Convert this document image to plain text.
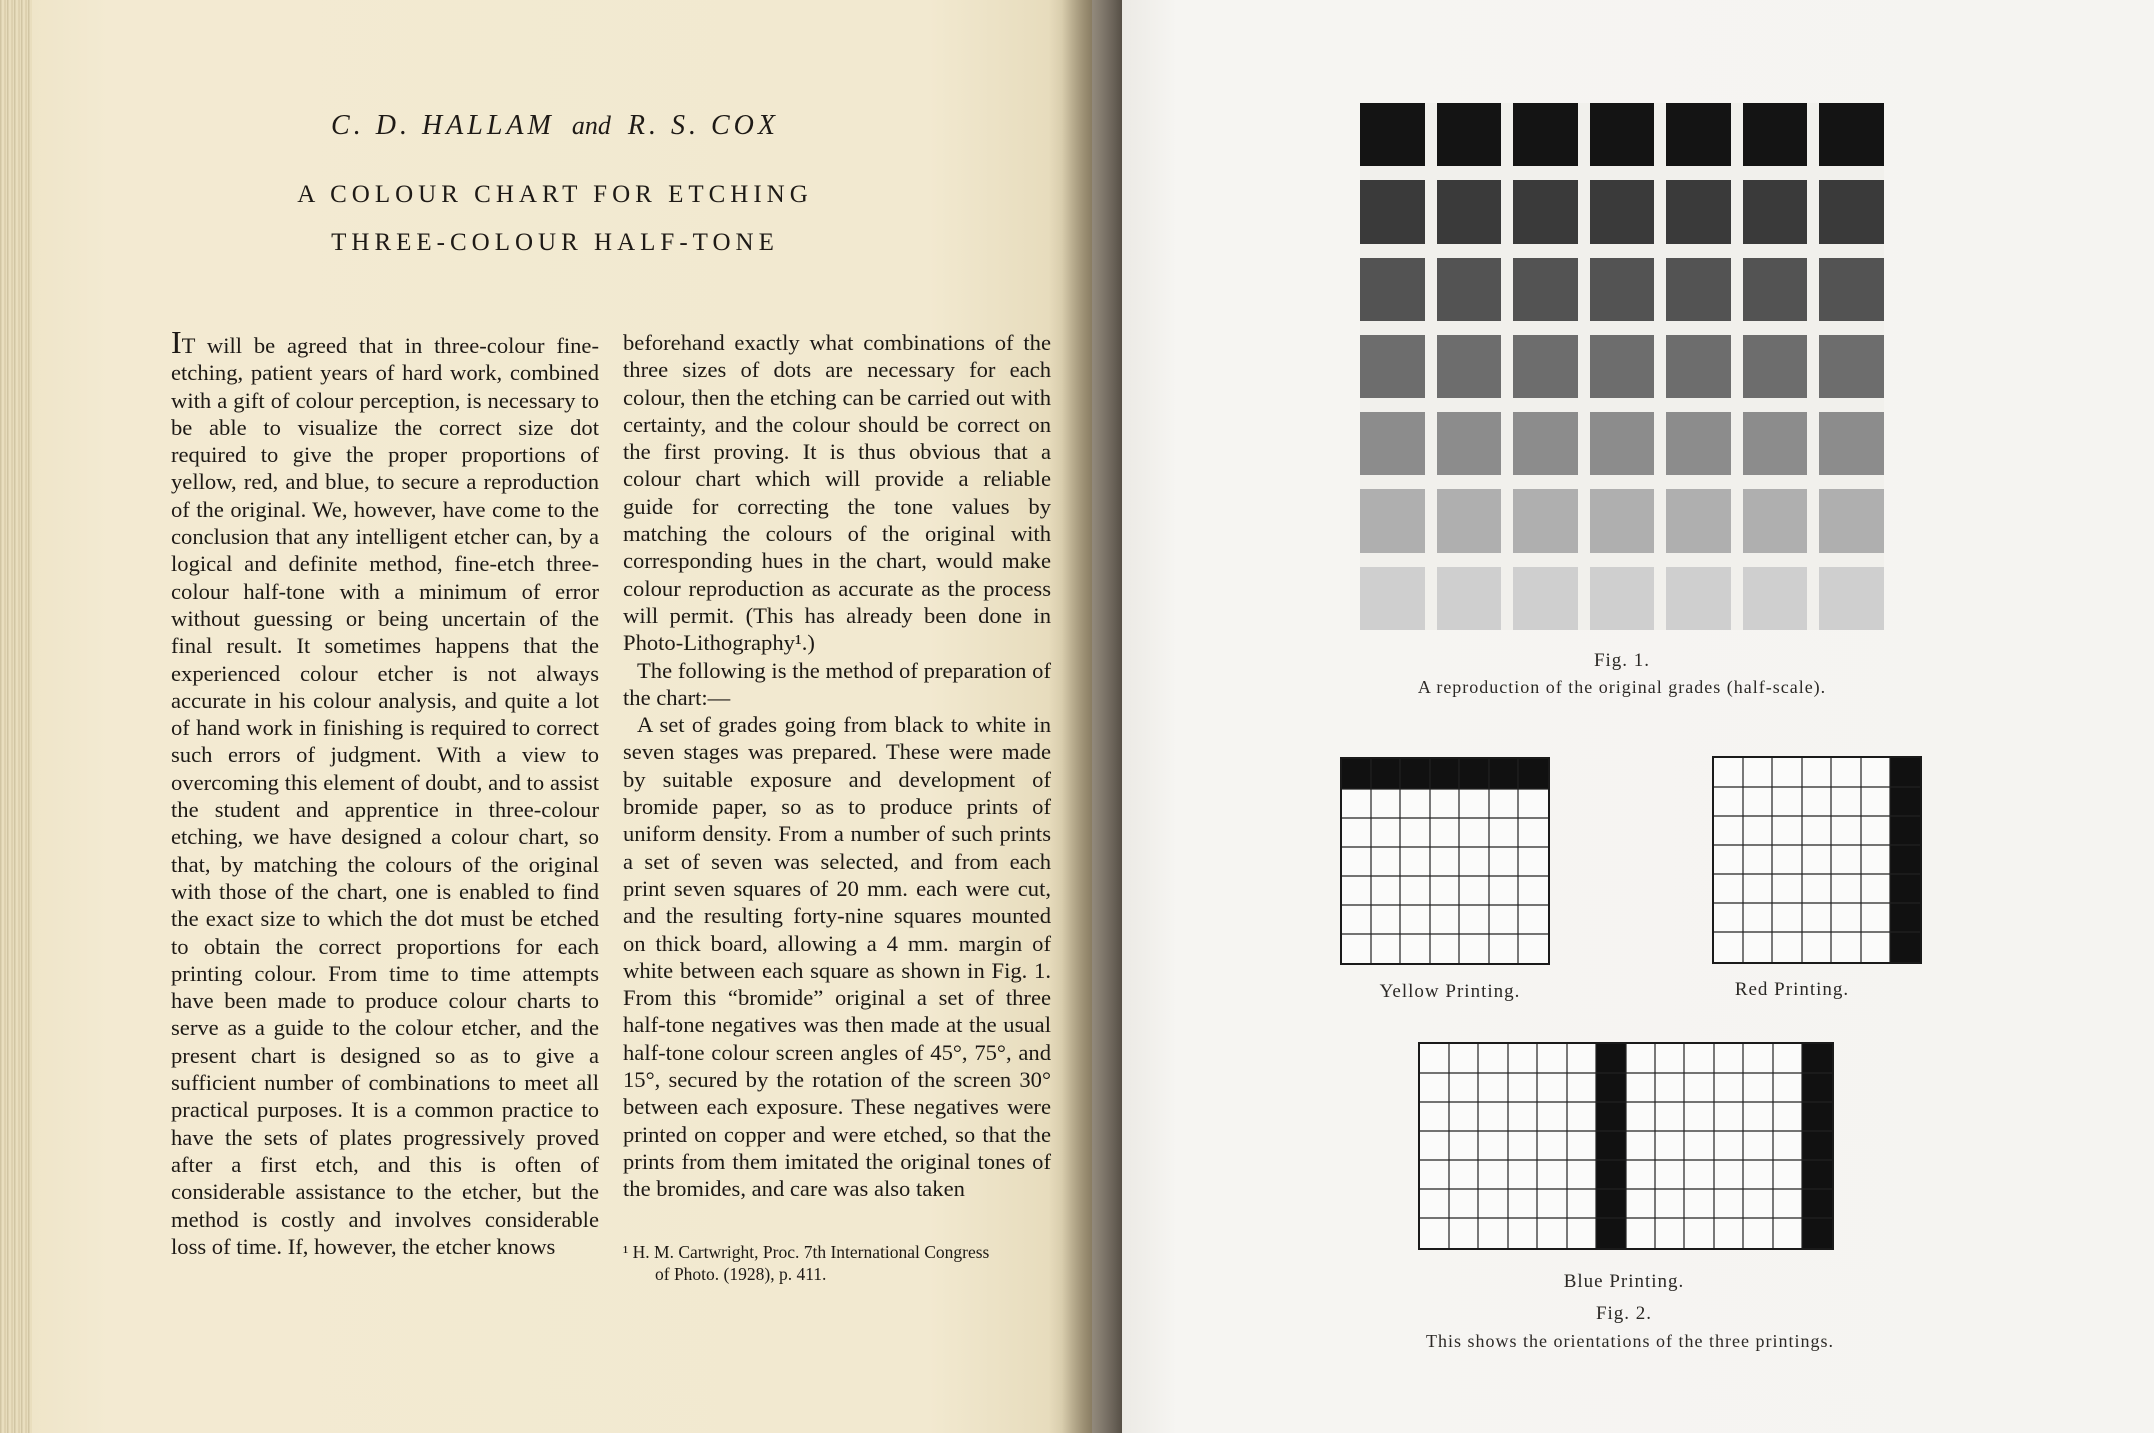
C. D. HALLAM and R. S. COX
A COLOUR CHART FOR ETCHING
THREE-COLOUR HALF-TONE

IT will be agreed that in three-colour fine-etching, patient years of hard work, combined with a gift of colour perception, is necessary to be able to visualize the correct size dot required to give the proper proportions of yellow, red, and blue, to secure a reproduction of the original. We, however, have come to the conclusion that any intelligent etcher can, by a logical and definite method, fine-etch three-colour half-tone with a minimum of error without guessing or being uncertain of the final result. It sometimes happens that the experienced colour etcher is not always accurate in his colour analysis, and quite a lot of hand work in finishing is required to correct such errors of judgment. With a view to overcoming this element of doubt, and to assist the student and apprentice in three-colour etching, we have designed a colour chart, so that, by matching the colours of the original with those of the chart, one is enabled to find the exact size to which the dot must be etched to obtain the correct proportions for each printing colour. From time to time attempts have been made to produce colour charts to serve as a guide to the colour etcher, and the present chart is designed so as to give a sufficient number of combinations to meet all practical purposes. It is a common practice to have the sets of plates progressively proved after a first etch, and this is often of considerable assistance to the etcher, but the method is costly and involves considerable loss of time. If, however, the etcher knows

beforehand exactly what combinations of the three sizes of dots are necessary for each colour, then the etching can be carried out with certainty, and the colour should be correct on the first proving. It is thus obvious that a colour chart which will provide a reliable guide for correcting the tone values by matching the colours of the original with corresponding hues in the chart, would make colour reproduction as accurate as the process will permit. (This has already been done in Photo-Lithography¹.)

The following is the method of preparation of the chart:—

A set of grades going from black to white in seven stages was prepared. These were made by suitable exposure and development of bromide paper, so as to produce prints of uniform density. From a number of such prints a set of seven was selected, and from each print seven squares of 20 mm. each were cut, and the resulting forty-nine squares mounted on thick board, allowing a 4 mm. margin of white between each square as shown in Fig. 1. From this “bromide” original a set of three half-tone negatives was then made at the usual half-tone colour screen angles of 45°, 75°, and 15°, secured by the rotation of the screen 30° between each exposure. These negatives were printed on copper and were etched, so that the prints from them imitated the original tones of the bromides, and care was also taken

¹ H. M. Cartwright, Proc. 7th International Congress
of Photo. (1928), p. 411.
Fig. 1.
A reproduction of the original grades (half-scale).
Yellow Printing.	Red Printing.
Blue Printing.
Fig. 2.
This shows the orientations of the three printings.
